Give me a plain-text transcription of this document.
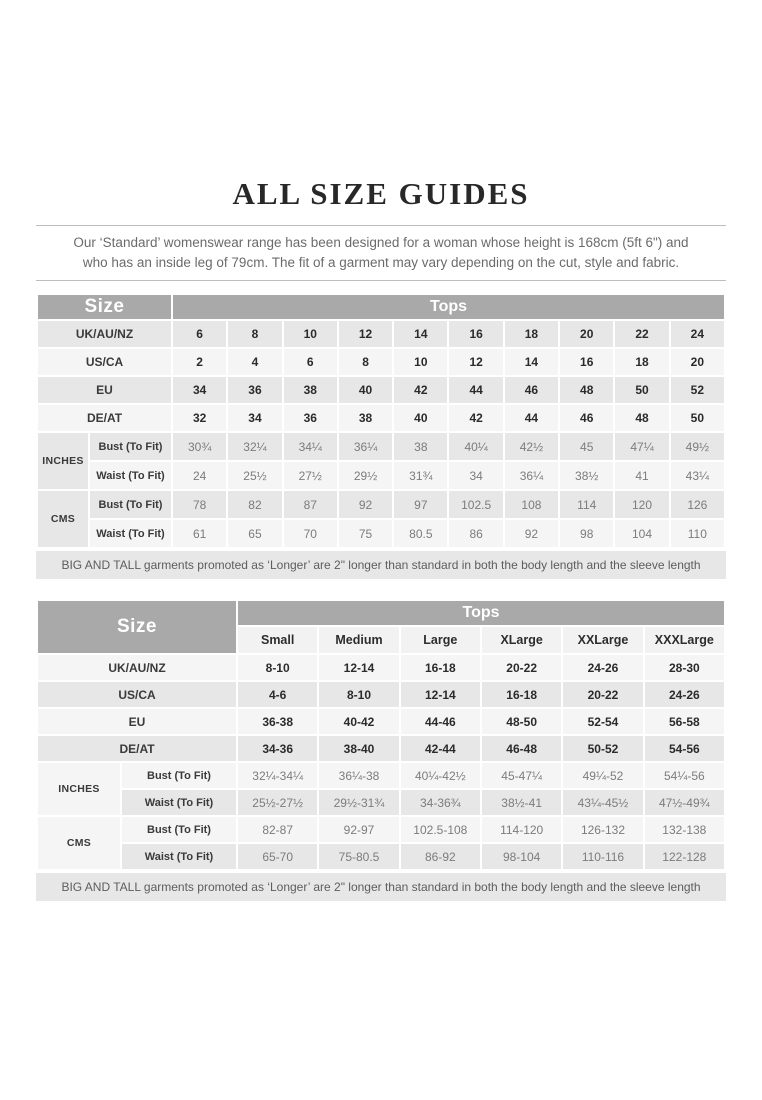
ALL SIZE GUIDES

Our ‘Standard’ womenswear range has been designed for a woman whose height is 168cm (5ft 6") and
who has an inside leg of 79cm. The fit of a garment may vary depending on the cut, style and fabric.

Size		Tops									
UK/AU/NZ		6	8	10	12	14	16	18	20	22	24
US/CA		2	4	6	8	10	12	14	16	18	20
EU		34	36	38	40	42	44	46	48	50	52
DE/AT		32	34	36	38	40	42	44	46	48	50
INCHES	Bust (To Fit)	30¾	32¼	34¼	36¼	38	40¼	42½	45	47¼	49½
	Waist (To Fit)	24	25½	27½	29½	31¾	34	36¼	38½	41	43¼
CMS	Bust (To Fit)	78	82	87	92	97	102.5	108	114	120	126
	Waist (To Fit)	61	65	70	75	80.5	86	92	98	104	110
BIG AND TALL garments promoted as ‘Longer’ are 2" longer than standard in both the body length and the sleeve length
Size		Tops					
		Small	Medium	Large	XLarge	XXLarge	XXXLarge
UK/AU/NZ		8-10	12-14	16-18	20-22	24-26	28-30
US/CA		4-6	8-10	12-14	16-18	20-22	24-26
EU		36-38	40-42	44-46	48-50	52-54	56-58
DE/AT		34-36	38-40	42-44	46-48	50-52	54-56
INCHES	Bust (To Fit)	32¼-34¼	36¼-38	40¼-42½	45-47¼	49¼-52	54¼-56
	Waist (To Fit)	25½-27½	29½-31¾	34-36¾	38½-41	43¼-45½	47½-49¾
CMS	Bust (To Fit)	82-87	92-97	102.5-108	114-120	126-132	132-138
	Waist (To Fit)	65-70	75-80.5	86-92	98-104	110-116	122-128
BIG AND TALL garments promoted as ‘Longer’ are 2" longer than standard in both the body length and the sleeve length
